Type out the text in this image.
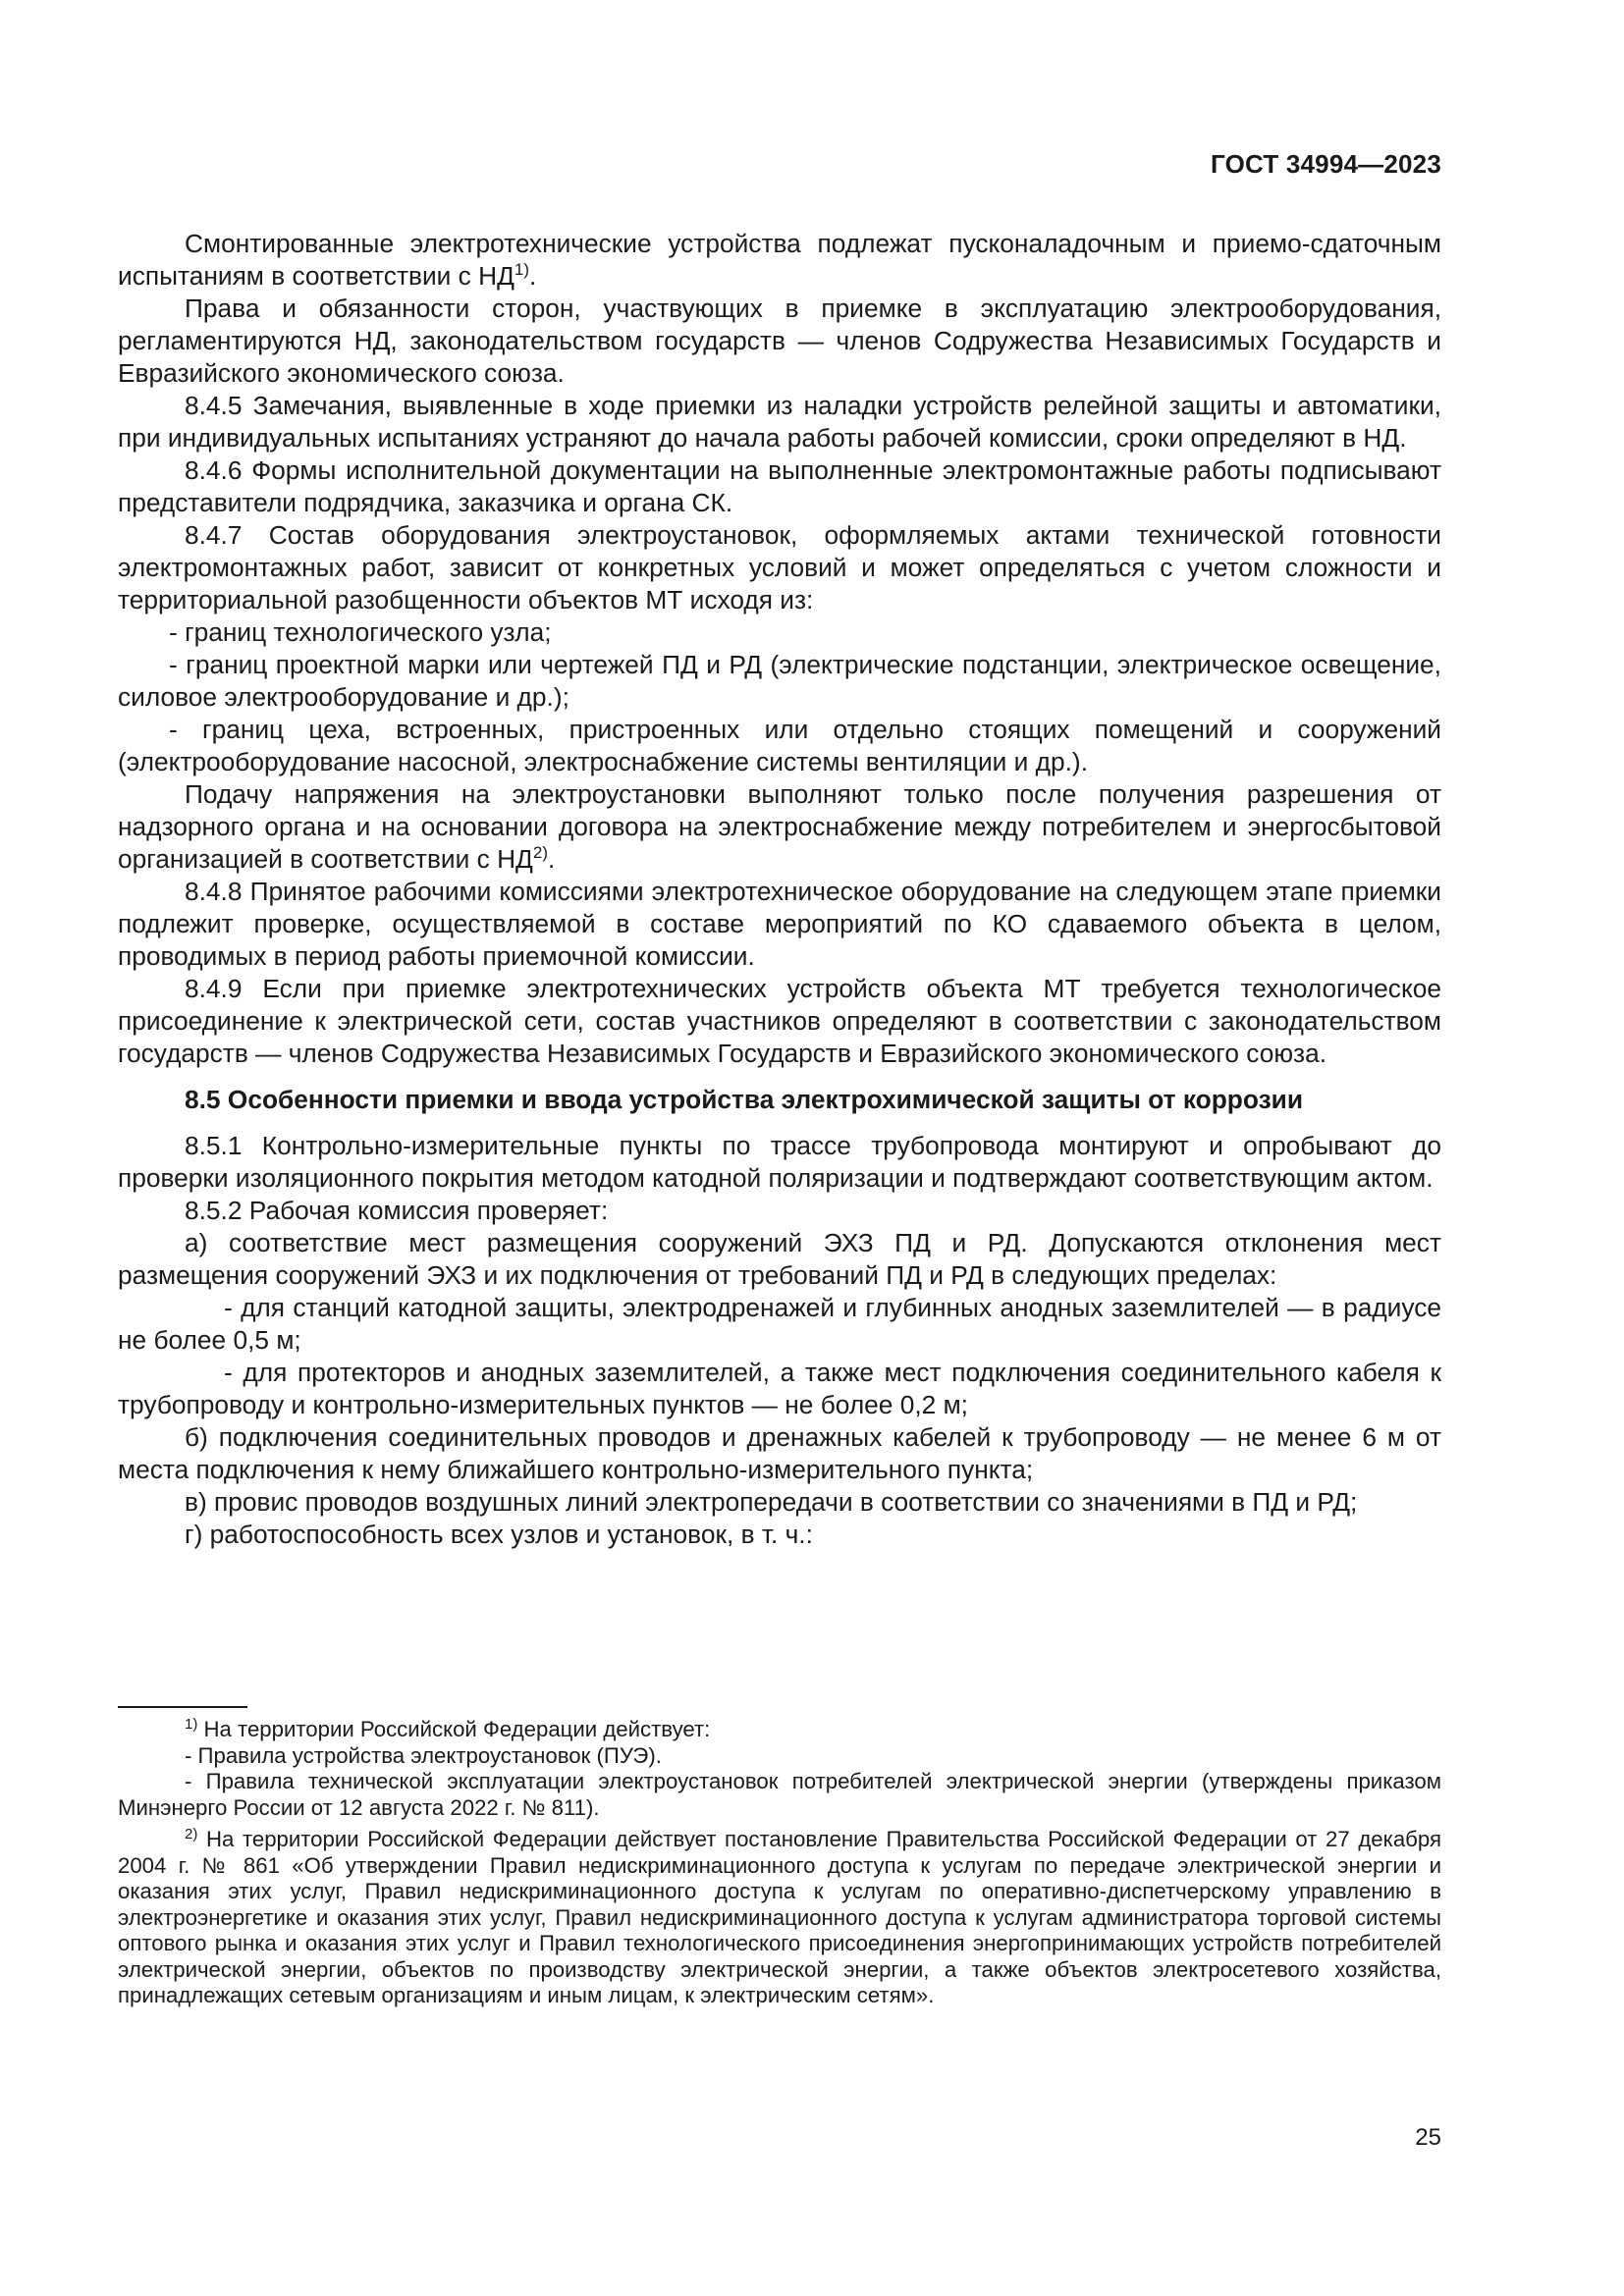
ГОСТ 34994—2023

Смонтированные электротехнические устройства подлежат пусконаладочным и приемо-сдаточным испытаниям в соответствии с НД$^{1)}$.

Права и обязанности сторон, участвующих в приемке в эксплуатацию электрооборудования, регламентируются НД, законодательством государств — членов Содружества Независимых Государств и Евразийского экономического союза.

8.4.5 Замечания, выявленные в ходе приемки из наладки устройств релейной защиты и автоматики, при индивидуальных испытаниях устраняют до начала работы рабочей комиссии, сроки определяют в НД.

8.4.6 Формы исполнительной документации на выполненные электромонтажные работы подписывают представители подрядчика, заказчика и органа СК.

8.4.7 Состав оборудования электроустановок, оформляемых актами технической готовности электромонтажных работ, зависит от конкретных условий и может определяться с учетом сложности и территориальной разобщенности объектов МТ исходя из:

- границ технологического узла;

- границ проектной марки или чертежей ПД и РД (электрические подстанции, электрическое освещение, силовое электрооборудование и др.);

- границ цеха, встроенных, пристроенных или отдельно стоящих помещений и сооружений (электрооборудование насосной, электроснабжение системы вентиляции и др.).

Подачу напряжения на электроустановки выполняют только после получения разрешения от надзорного органа и на основании договора на электроснабжение между потребителем и энергосбытовой организацией в соответствии с НД$^{2)}$.

8.4.8 Принятое рабочими комиссиями электротехническое оборудование на следующем этапе приемки подлежит проверке, осуществляемой в составе мероприятий по КО сдаваемого объекта в целом, проводимых в период работы приемочной комиссии.

8.4.9 Если при приемке электротехнических устройств объекта МТ требуется технологическое присоединение к электрической сети, состав участников определяют в соответствии с законодательством государств — членов Содружества Независимых Государств и Евразийского экономического союза.

8.5 Особенности приемки и ввода устройства электрохимической защиты от коррозии

8.5.1 Контрольно-измерительные пункты по трассе трубопровода монтируют и опробывают до проверки изоляционного покрытия методом катодной поляризации и подтверждают соответствующим актом.

8.5.2 Рабочая комиссия проверяет:

а) соответствие мест размещения сооружений ЭХЗ ПД и РД. Допускаются отклонения мест размещения сооружений ЭХЗ и их подключения от требований ПД и РД в следующих пределах:

- для станций катодной защиты, электродренажей и глубинных анодных заземлителей — в радиусе не более 0,5 м;

- для протекторов и анодных заземлителей, а также мест подключения соединительного кабеля к трубопроводу и контрольно-измерительных пунктов — не более 0,2 м;

б) подключения соединительных проводов и дренажных кабелей к трубопроводу — не менее 6 м от места подключения к нему ближайшего контрольно-измерительного пункта;

в) провис проводов воздушных линий электропередачи в соответствии со значениями в ПД и РД;

г) работоспособность всех узлов и установок, в т. ч.:

$^{1)}$ На территории Российской Федерации действует:

- Правила устройства электроустановок (ПУЭ).

- Правила технической эксплуатации электроустановок потребителей электрической энергии (утверждены приказом Минэнерго России от 12 августа 2022 г. № 811).

$^{2)}$ На территории Российской Федерации действует постановление Правительства Российской Федерации от 27 декабря 2004 г. № 861 «Об утверждении Правил недискриминационного доступа к услугам по передаче электрической энергии и оказания этих услуг, Правил недискриминационного доступа к услугам по оперативно-диспетчерскому управлению в электроэнергетике и оказания этих услуг, Правил недискриминационного доступа к услугам администратора торговой системы оптового рынка и оказания этих услуг и Правил технологического присоединения энергопринимающих устройств потребителей электрической энергии, объектов по производству электрической энергии, а также объектов электросетевого хозяйства, принадлежащих сетевым организациям и иным лицам, к электрическим сетям».

25
